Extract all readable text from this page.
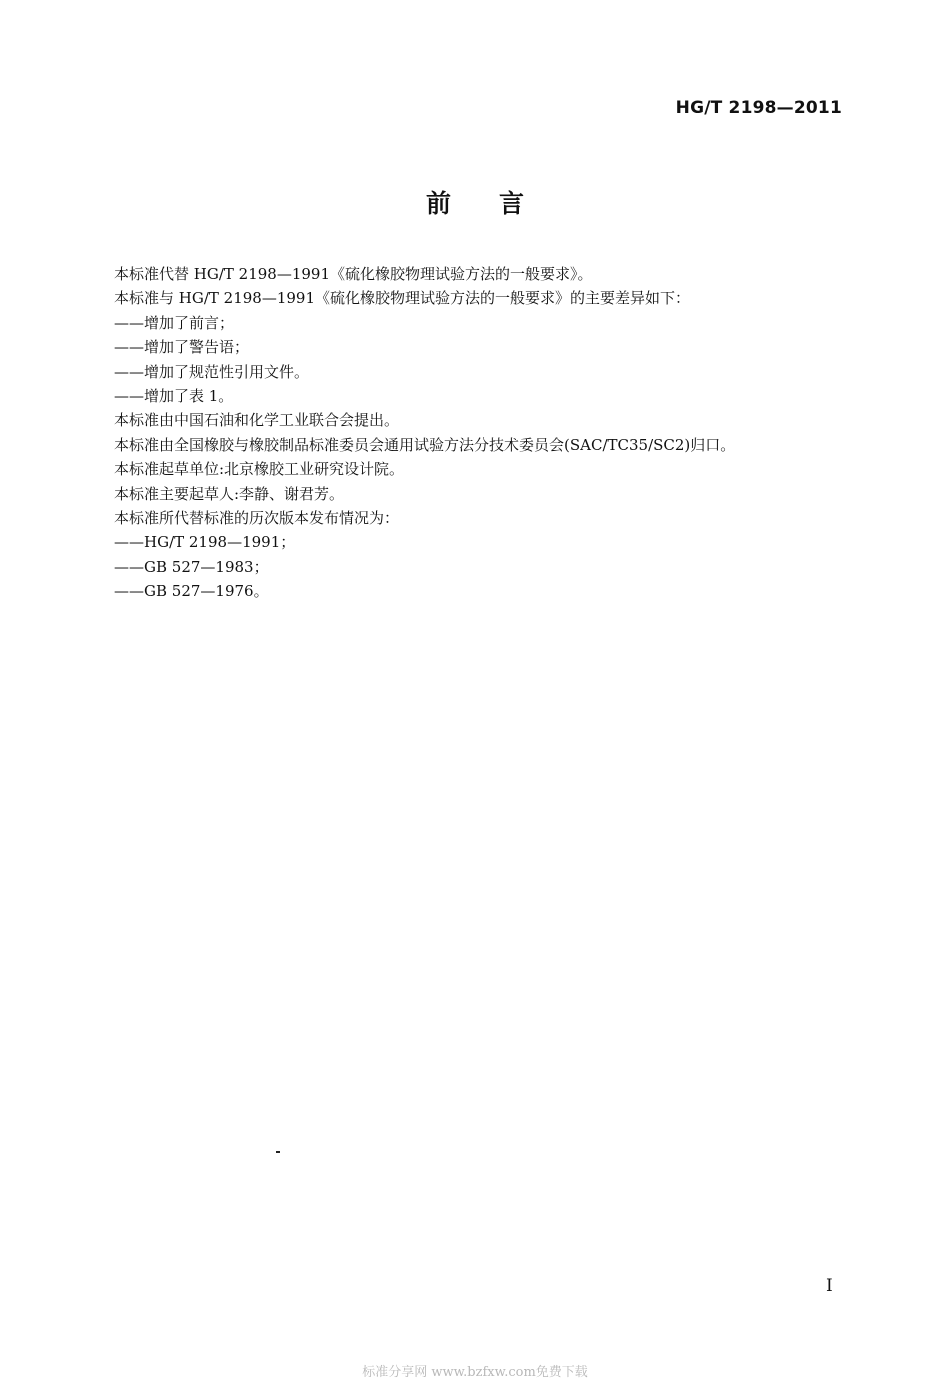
HG/T 2198—2011
前言
本标准代替 HG/T 2198—1991《硫化橡胶物理试验方法的一般要求》。
本标准与 HG/T 2198—1991《硫化橡胶物理试验方法的一般要求》的主要差异如下：
——增加了前言；
——增加了警告语；
——增加了规范性引用文件。
——增加了表 1。
本标准由中国石油和化学工业联合会提出。
本标准由全国橡胶与橡胶制品标准委员会通用试验方法分技术委员会(SAC/TC35/SC2)归口。
本标准起草单位:北京橡胶工业研究设计院。
本标准主要起草人:李静、谢君芳。
本标准所代替标准的历次版本发布情况为：
——HG/T 2198—1991；
——GB 527—1983；
——GB 527—1976。
I
标准分享网 www.bzfxw.com免费下载
